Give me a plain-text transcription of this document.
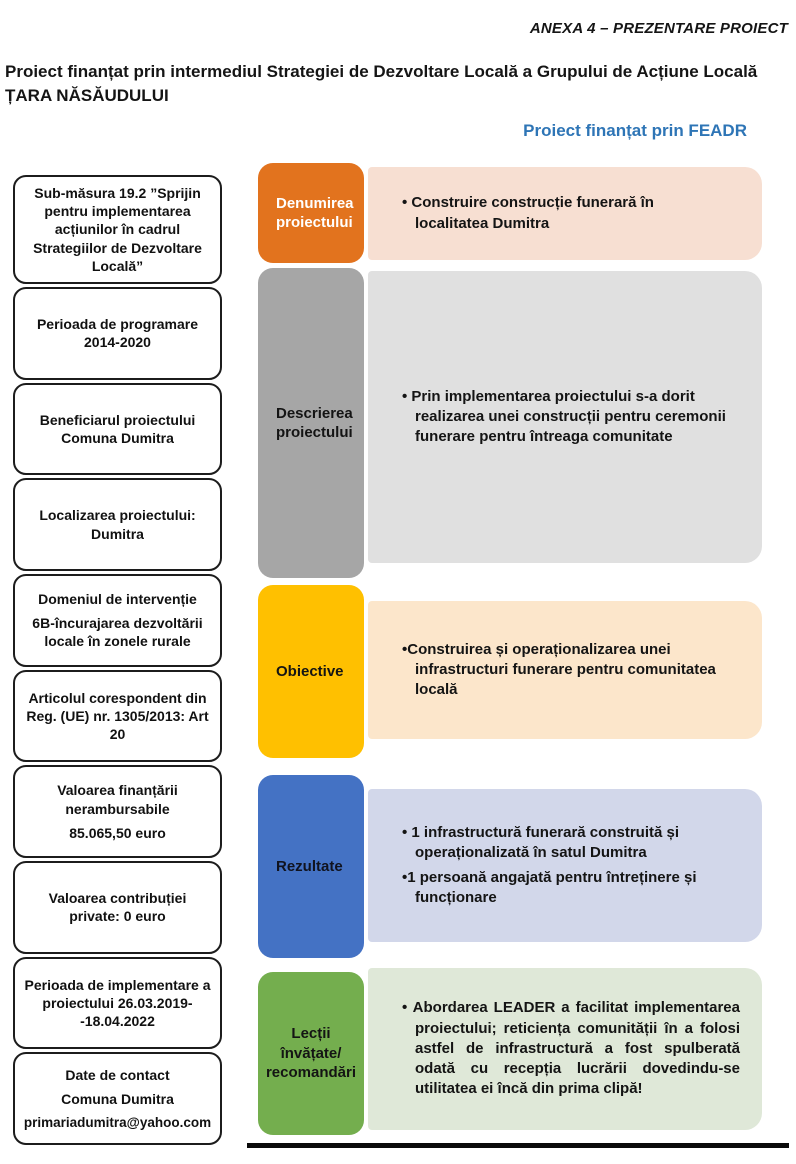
ANEXA 4 – PREZENTARE PROIECT
Proiect finanțat prin intermediul Strategiei de Dezvoltare Locală a Grupului de Acțiune Locală ȚARA NĂSĂUDULUI
Proiect finanțat prin FEADR

Sub-măsura 19.2 ”Sprijin pentru implementarea acțiunilor în cadrul Strategiilor de Dezvoltare Locală”

Perioada de programare 2014-2020

Beneficiarul proiectului Comuna Dumitra

Localizarea proiectului: Dumitra

Domeniul de intervenție

6B-încurajarea dezvoltării locale în zonele rurale

Articolul corespondent din Reg. (UE) nr. 1305/2013: Art 20

Valoarea finanțării nerambursabile

85.065,50 euro

Valoarea contribuției private: 0 euro

Perioada de implementare a proiectului 26.03.2019--18.04.2022

Date de contact

Comuna Dumitra

primariadumitra@yahoo.com

Denumirea proiectului

• Construire construcție funerară în localitatea Dumitra

Descrierea proiectului

• Prin implementarea proiectului s-a dorit realizarea unei construcții pentru ceremonii funerare pentru întreaga comunitate

Obiective

•Construirea și operaționalizarea unei infrastructuri funerare pentru comunitatea locală

Rezultate

• 1 infrastructură funerară construită și operaționalizată în satul Dumitra

•1 persoană angajată pentru întreținere și funcționare

Lecții învățate/ recomandări

• Abordarea LEADER a facilitat implementarea proiectului; reticiența comunității în a folosi astfel de infrastructură a fost spulberată odată cu recepția lucrării dovedindu-se utilitatea ei încă din prima clipă!
